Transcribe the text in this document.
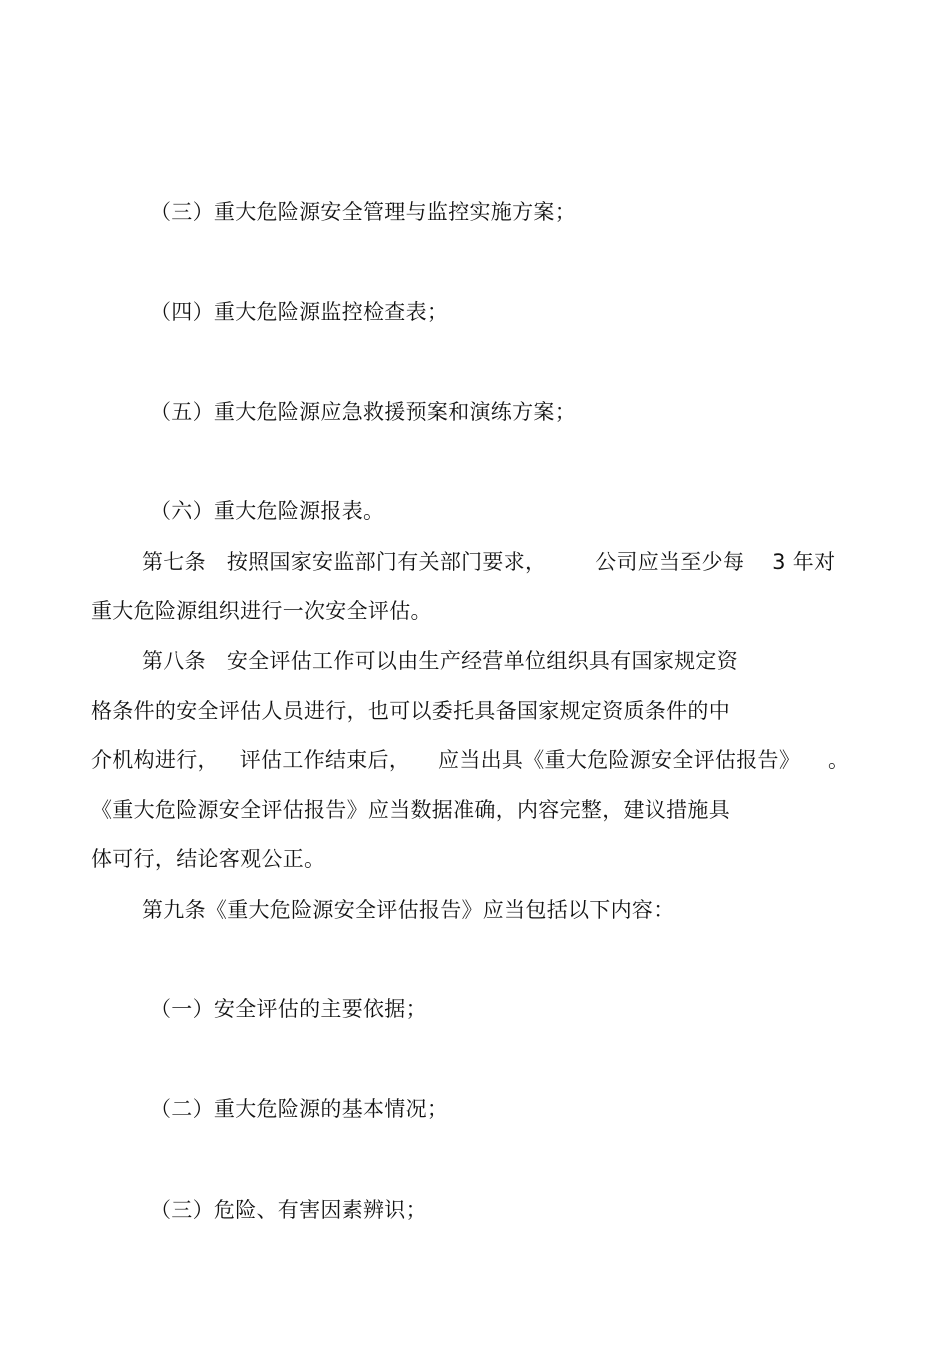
（三）重大危险源安全管理与监控实施方案；
（四）重大危险源监控检查表；
（五）重大危险源应急救援预案和演练方案；
（六）重大危险源报表。
第七条   按照国家安监部门有关部门要求，       公司应当至少每    3 年对
重大危险源组织进行一次安全评估。
第八条   安全评估工作可以由生产经营单位组织具有国家规定资
格条件的安全评估人员进行，也可以委托具备国家规定资质条件的中
介机构进行，   评估工作结束后，    应当出具《重大危险源安全评估报告》    。
《重大危险源安全评估报告》应当数据准确，内容完整，建议措施具
体可行，结论客观公正。
第九条《重大危险源安全评估报告》应当包括以下内容：
（一）安全评估的主要依据；
（二）重大危险源的基本情况；
（三）危险、有害因素辨识；
